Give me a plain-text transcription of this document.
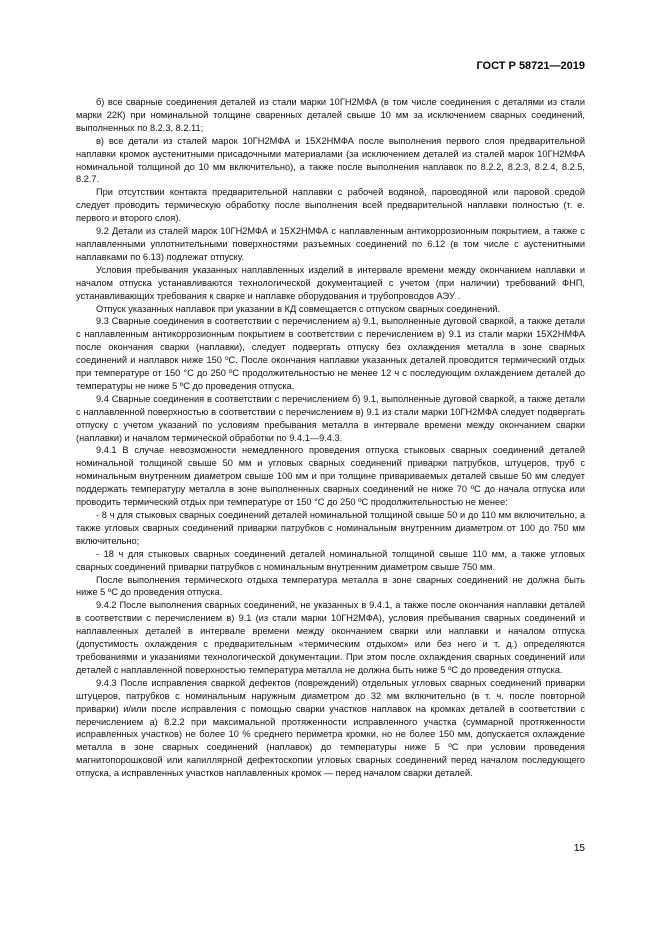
ГОСТ Р 58721—2019

б) все сварные соединения деталей из стали марки 10ГН2МФА (в том числе соединения с деталями из стали марки 22К) при номинальной толщине сваренных деталей свыше 10 мм за исключением сварных соединений, выполненных по 8.2.3, 8.2.11;

в) все детали из сталей марок 10ГН2МФА и 15Х2НМФА после выполнения первого слоя предварительной наплавки кромок аустенитными присадочными материалами (за исключением деталей из сталей марок 10ГН2МФА номинальной толщиной до 10 мм включительно), а также после выполнения наплавок по 8.2.2, 8.2.3, 8.2.4, 8.2.5, 8.2.7.

При отсутствии контакта предварительной наплавки с рабочей водяной, пароводяной или паровой средой следует проводить термическую обработку после выполнения всей предварительной наплавки полностью (т. е. первого и второго слоя).

9.2 Детали из сталей марок 10ГН2МФА и 15Х2НМФА с наплавленным антикоррозионным покрытием, а также с наплавленными уплотнительными поверхностями разъемных соединений по 6.12 (в том числе с аустенитными наплавками по 6.13) подлежат отпуску.

Условия пребывания указанных наплавленных изделий в интервале времени между окончанием наплавки и началом отпуска устанавливаются технологической документацией с учетом (при наличии) требований ФНП, устанавливающих требования к сварке и наплавке оборудования и трубопроводов АЭУ .

Отпуск указанных наплавок при указании в КД совмещается с отпуском сварных соединений.

9.3 Сварные соединения в соответствии с перечислением а) 9.1, выполненные дуговой сваркой, а также детали с наплавленным антикоррозионным покрытием в соответствии с перечислением в) 9.1 из стали марки 15Х2НМФА после окончания сварки (наплавки), следует подвергать отпуску без охлаждения металла в зоне сварных соединений и наплавок ниже 150 ºС. После окончания наплавки указанных деталей проводится термический отдых при температуре от 150 °С до 250 ºС продолжительностью не менее 12 ч с последующим охлаждением деталей до температуры не ниже 5 ºС до проведения отпуска.

9.4 Сварные соединения в соответствии с перечислением б) 9.1, выполненные дуговой сваркой, а также детали с наплавленной поверхностью в соответствии с перечислением в) 9.1 из стали марки 10ГН2МФА следует подвергать отпуску с учетом указаний по условиям пребывания металла в интервале времени между окончанием сварки (наплавки) и началом термической обработки по 9.4.1—9.4.3.

9.4.1 В случае невозможности немедленного проведения отпуска стыковых сварных соединений деталей номинальной толщиной свыше 50 мм и угловых сварных соединений приварки патрубков, штуцеров, труб с номинальным внутренним диаметром свыше 100 мм и при толщине привариваемых деталей свыше 50 мм следует поддержать температуру металла в зоне выполненных сварных соединений не ниже 70 ºС до начала отпуска или проводить термический отдых при температуре от 150 °С до 250 ºС продолжительностью не менее:

- 8 ч для стыковых сварных соединений деталей номинальной толщиной свыше 50 и до 110 мм включительно, а также угловых сварных соединений приварки патрубков с номинальным внутренним диаметром от 100 до 750 мм включительно;

- 18 ч для стыковых сварных соединений деталей номинальной толщиной свыше 110 мм, а также угловых сварных соединений приварки патрубков с номинальным внутренним диаметром свыше 750 мм.

После выполнения термического отдыха температура металла в зоне сварных соединений не должна быть ниже 5 ºС до проведения отпуска.

9.4.2 После выполнения сварных соединений, не указанных в 9.4.1, а также после окончания наплавки деталей в соответствии с перечислением в) 9.1 (из стали марки 10ГН2МФА), условия пребывания сварных соединений и наплавленных деталей в интервале времени между окончанием сварки или наплавки и началом отпуска (допустимость охлаждения с предварительным «термическим отдыхом» или без него и т. д.) определяются требованиями и указаниями технологической документации. При этом после охлаждения сварных соединений или деталей с наплавленной поверхностью температура металла не должна быть ниже 5 ºС до проведения отпуска.

9.4.3 После исправления сваркой дефектов (повреждений) отдельных угловых сварных соединений приварки штуцеров, патрубков с номинальным наружным диаметром до 32 мм включительно (в т. ч. после повторной приварки) и/или после исправления с помощью сварки участков наплавок на кромках деталей в соответствии с перечислением а) 8.2.2 при максимальной протяженности исправленного участка (суммарной протяженности исправленных участков) не более 10 % среднего периметра кромки, но не более 150 мм, допускается охлаждение металла в зоне сварных соединений (наплавок) до температуры ниже 5 ºС при условии проведения магнитопорошковой или капиллярной дефектоскопии угловых сварных соединений перед началом последующего отпуска, а исправленных участков наплавленных кромок — перед началом сварки деталей.

15
